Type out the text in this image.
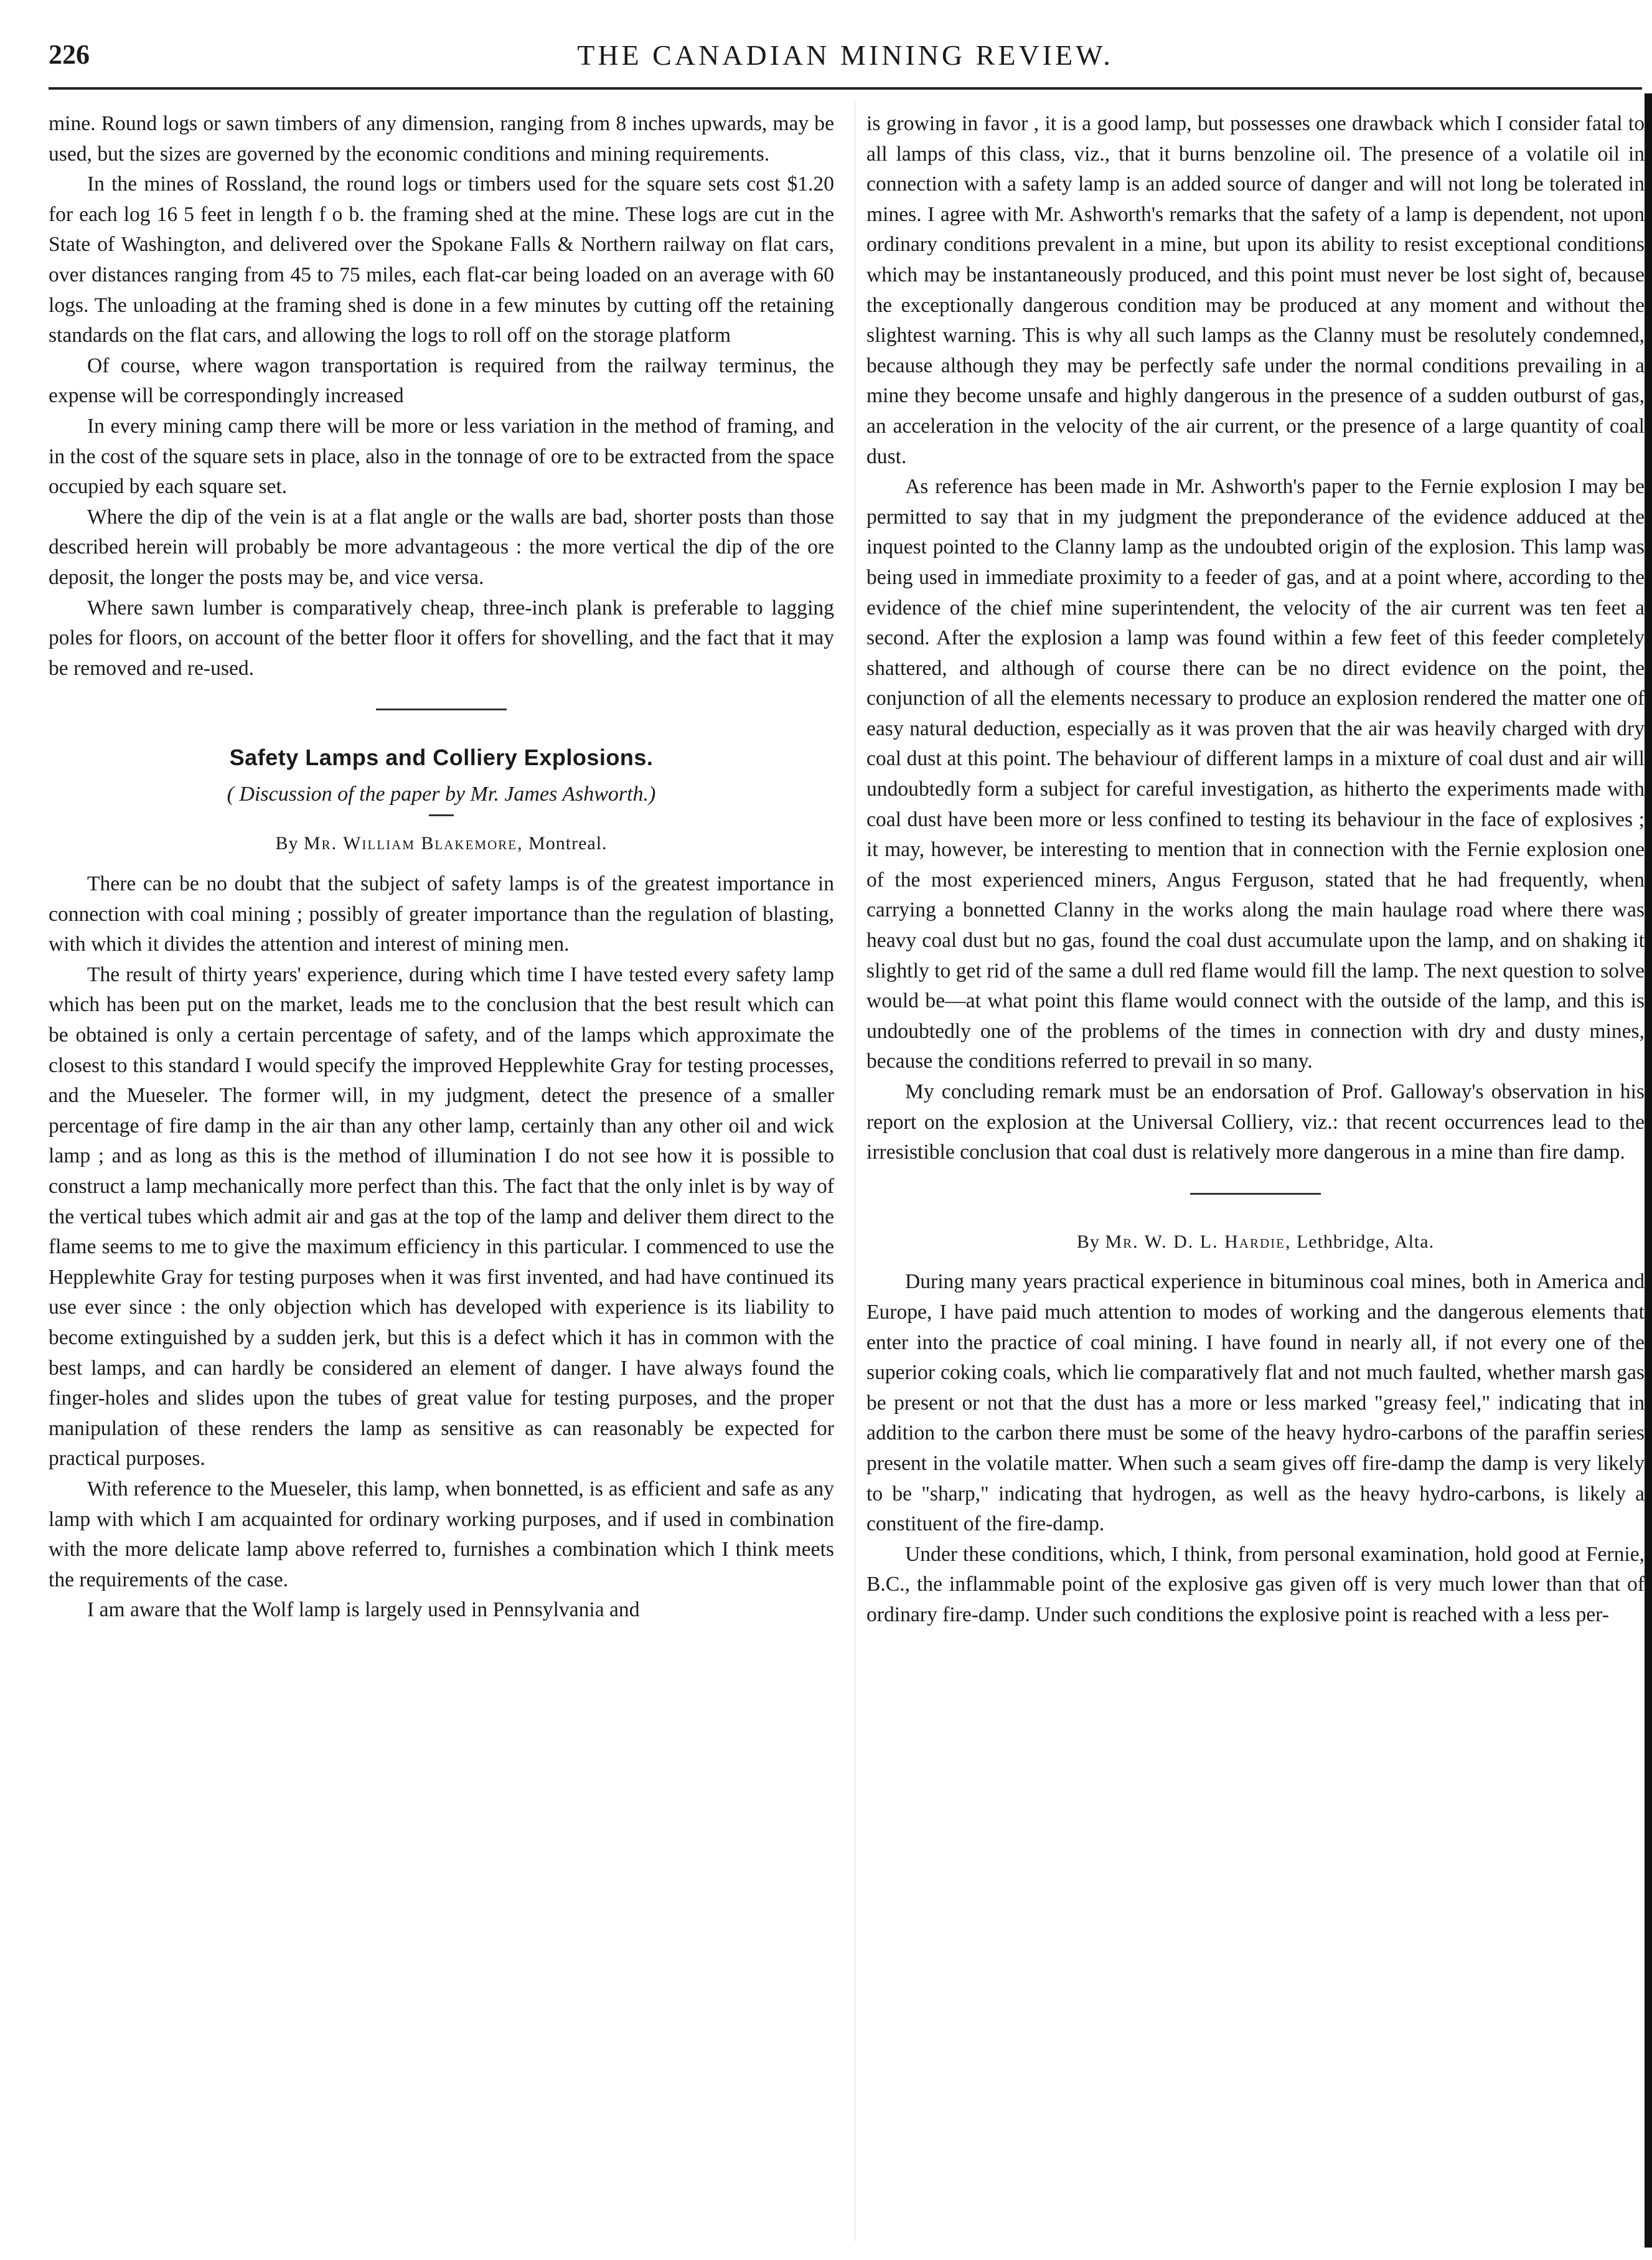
226	THE CANADIAN MINING REVIEW.

mine. Round logs or sawn timbers of any dimension, ranging from 8 inches upwards, may be used, but the sizes are governed by the economic conditions and mining requirements.

In the mines of Rossland, the round logs or timbers used for the square sets cost $1.20 for each log 16 5 feet in length f o b. the framing shed at the mine. These logs are cut in the State of Washington, and delivered over the Spokane Falls & Northern railway on flat cars, over distances ranging from 45 to 75 miles, each flat-car being loaded on an average with 60 logs. The unloading at the framing shed is done in a few minutes by cutting off the retaining standards on the flat cars, and allowing the logs to roll off on the storage platform

Of course, where wagon transportation is required from the railway terminus, the expense will be correspondingly increased

In every mining camp there will be more or less variation in the method of framing, and in the cost of the square sets in place, also in the tonnage of ore to be extracted from the space occupied by each square set.

Where the dip of the vein is at a flat angle or the walls are bad, shorter posts than those described herein will probably be more advantageous : the more vertical the dip of the ore deposit, the longer the posts may be, and vice versa.

Where sawn lumber is comparatively cheap, three-inch plank is preferable to lagging poles for floors, on account of the better floor it offers for shovelling, and the fact that it may be removed and re-used.

Safety Lamps and Colliery Explosions.
( Discussion of the paper by Mr. James Ashworth.)
By Mr. William Blakemore, Montreal.

There can be no doubt that the subject of safety lamps is of the greatest importance in connection with coal mining ; possibly of greater importance than the regulation of blasting, with which it divides the attention and interest of mining men.

The result of thirty years' experience, during which time I have tested every safety lamp which has been put on the market, leads me to the conclusion that the best result which can be obtained is only a certain percentage of safety, and of the lamps which approximate the closest to this standard I would specify the improved Hepplewhite Gray for testing processes, and the Mueseler. The former will, in my judgment, detect the presence of a smaller percentage of fire damp in the air than any other lamp, certainly than any other oil and wick lamp ; and as long as this is the method of illumination I do not see how it is possible to construct a lamp mechanically more perfect than this. The fact that the only inlet is by way of the vertical tubes which admit air and gas at the top of the lamp and deliver them direct to the flame seems to me to give the maximum efficiency in this particular. I commenced to use the Hepplewhite Gray for testing purposes when it was first invented, and had have continued its use ever since : the only objection which has developed with experience is its liability to become extinguished by a sudden jerk, but this is a defect which it has in common with the best lamps, and can hardly be considered an element of danger. I have always found the finger-holes and slides upon the tubes of great value for testing purposes, and the proper manipulation of these renders the lamp as sensitive as can reasonably be expected for practical purposes.

With reference to the Mueseler, this lamp, when bonnetted, is as efficient and safe as any lamp with which I am acquainted for ordinary working purposes, and if used in combination with the more delicate lamp above referred to, furnishes a combination which I think meets the requirements of the case.

I am aware that the Wolf lamp is largely used in Pennsylvania and

is growing in favor , it is a good lamp, but possesses one drawback which I consider fatal to all lamps of this class, viz., that it burns benzoline oil. The presence of a volatile oil in connection with a safety lamp is an added source of danger and will not long be tolerated in mines. I agree with Mr. Ashworth's remarks that the safety of a lamp is dependent, not upon ordinary conditions prevalent in a mine, but upon its ability to resist exceptional conditions which may be instantaneously produced, and this point must never be lost sight of, because the exceptionally dangerous condition may be produced at any moment and without the slightest warning. This is why all such lamps as the Clanny must be resolutely condemned, because although they may be perfectly safe under the normal conditions prevailing in a mine they become unsafe and highly dangerous in the presence of a sudden outburst of gas, an acceleration in the velocity of the air current, or the presence of a large quantity of coal dust.

As reference has been made in Mr. Ashworth's paper to the Fernie explosion I may be permitted to say that in my judgment the preponderance of the evidence adduced at the inquest pointed to the Clanny lamp as the undoubted origin of the explosion. This lamp was being used in immediate proximity to a feeder of gas, and at a point where, according to the evidence of the chief mine superintendent, the velocity of the air current was ten feet a second. After the explosion a lamp was found within a few feet of this feeder completely shattered, and although of course there can be no direct evidence on the point, the conjunction of all the elements necessary to produce an explosion rendered the matter one of easy natural deduction, especially as it was proven that the air was heavily charged with dry coal dust at this point. The behaviour of different lamps in a mixture of coal dust and air will undoubtedly form a subject for careful investigation, as hitherto the experiments made with coal dust have been more or less confined to testing its behaviour in the face of explosives ; it may, however, be interesting to mention that in connection with the Fernie explosion one of the most experienced miners, Angus Ferguson, stated that he had frequently, when carrying a bonnetted Clanny in the works along the main haulage road where there was heavy coal dust but no gas, found the coal dust accumulate upon the lamp, and on shaking it slightly to get rid of the same a dull red flame would fill the lamp. The next question to solve would be—at what point this flame would connect with the outside of the lamp, and this is undoubtedly one of the problems of the times in connection with dry and dusty mines, because the conditions referred to prevail in so many.

My concluding remark must be an endorsation of Prof. Galloway's observation in his report on the explosion at the Universal Colliery, viz.: that recent occurrences lead to the irresistible conclusion that coal dust is relatively more dangerous in a mine than fire damp.

By Mr. W. D. L. Hardie, Lethbridge, Alta.

During many years practical experience in bituminous coal mines, both in America and Europe, I have paid much attention to modes of working and the dangerous elements that enter into the practice of coal mining. I have found in nearly all, if not every one of the superior coking coals, which lie comparatively flat and not much faulted, whether marsh gas be present or not that the dust has a more or less marked "greasy feel," indicating that in addition to the carbon there must be some of the heavy hydro-carbons of the paraffin series present in the volatile matter. When such a seam gives off fire-damp the damp is very likely to be "sharp," indicating that hydrogen, as well as the heavy hydro-carbons, is likely a constituent of the fire-damp.

Under these conditions, which, I think, from personal examination, hold good at Fernie, B.C., the inflammable point of the explosive gas given off is very much lower than that of ordinary fire-damp. Under such conditions the explosive point is reached with a less per-
